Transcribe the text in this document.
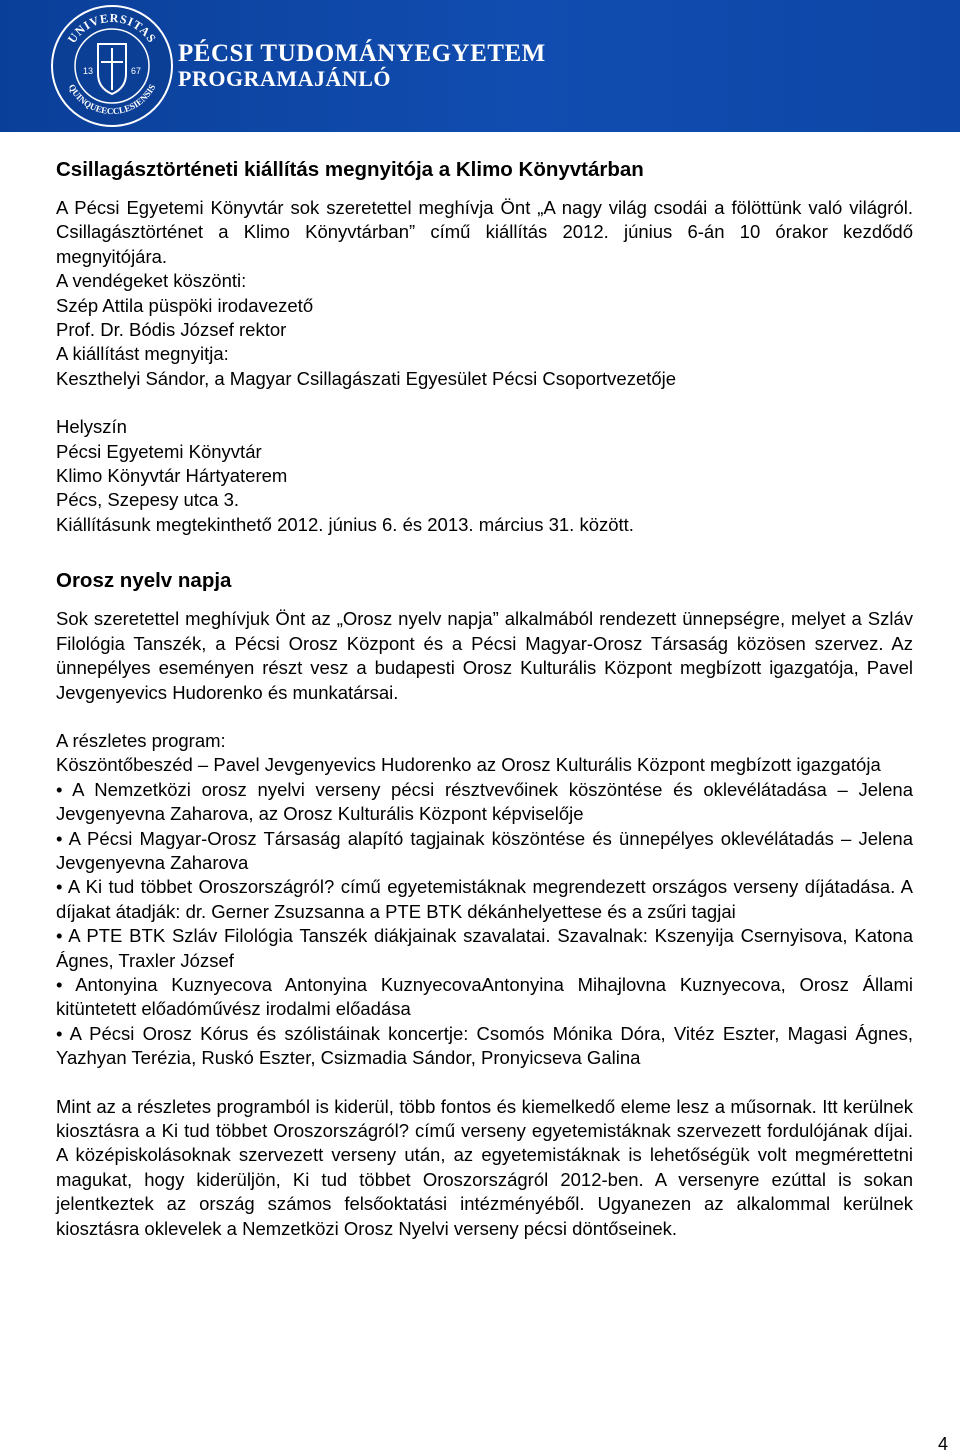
UNIVERSITAS
QUINQUEECCLESIENSIS
13	67
PÉCSI TUDOMÁNYEGYETEM
PROGRAMAJÁNLÓ
Csillagásztörténeti kiállítás megnyitója a Klimo Könyvtárban

A Pécsi Egyetemi Könyvtár sok szeretettel meghívja Önt „A nagy világ csodái a fölöttünk való világról. Csillagásztörténet a Klimo Könyvtárban” című kiállítás 2012. június 6-án 10 órakor kezdődő megnyitójára.

A vendégeket köszönti:

Szép Attila püspöki irodavezető

Prof. Dr. Bódis József rektor

A kiállítást megnyitja:

Keszthelyi Sándor, a Magyar Csillagászati Egyesület Pécsi Csoportvezetője

Helyszín

Pécsi Egyetemi Könyvtár

Klimo Könyvtár Hártyaterem

Pécs, Szepesy utca 3.

Kiállításunk megtekinthető 2012. június 6. és 2013. március 31. között.

Orosz nyelv napja

Sok szeretettel meghívjuk Önt az „Orosz nyelv napja” alkalmából rendezett ünnepségre, melyet a Szláv Filológia Tanszék, a Pécsi Orosz Központ és a Pécsi Magyar-Orosz Társaság közösen szervez. Az ünnepélyes eseményen részt vesz a budapesti Orosz Kulturális Központ megbízott igazgatója, Pavel Jevgenyevics Hudorenko és munkatársai.

A részletes program:

Köszöntőbeszéd – Pavel Jevgenyevics Hudorenko az Orosz Kulturális Központ megbízott igazgatója

• A Nemzetközi orosz nyelvi verseny pécsi résztvevőinek köszöntése és oklevélátadása – Jelena Jevgenyevna Zaharova, az Orosz Kulturális Központ képviselője

• A Pécsi Magyar-Orosz Társaság alapító tagjainak köszöntése és ünnepélyes oklevélátadás – Jelena Jevgenyevna Zaharova

• A Ki tud többet Oroszországról? című egyetemistáknak megrendezett országos verseny díjátadása. A díjakat átadják: dr. Gerner Zsuzsanna a PTE BTK dékánhelyettese és a zsűri tagjai

• A PTE BTK Szláv Filológia Tanszék diákjainak szavalatai. Szavalnak: Kszenyija Csernyisova, Katona Ágnes, Traxler József

• Antonyina Kuznyecova Antonyina KuznyecovaAntonyina Mihajlovna Kuznyecova, Orosz Állami kitüntetett előadóművész irodalmi előadása

• A Pécsi Orosz Kórus és szólistáinak koncertje: Csomós Mónika Dóra, Vitéz Eszter, Magasi Ágnes, Yazhyan Terézia, Ruskó Eszter, Csizmadia Sándor, Pronyicseva Galina

Mint az a részletes programból is kiderül, több fontos és kiemelkedő eleme lesz a műsornak. Itt kerülnek kiosztásra a Ki tud többet Oroszországról? című verseny egyetemistáknak szervezett fordulójának díjai. A középiskolásoknak szervezett verseny után, az egyetemistáknak is lehetőségük volt megmérettetni magukat, hogy kiderüljön, Ki tud többet Oroszországról 2012-ben. A versenyre ezúttal is sokan jelentkeztek az ország számos felsőoktatási intézményéből. Ugyanezen az alkalommal kerülnek kiosztásra oklevelek a Nemzetközi Orosz Nyelvi verseny pécsi döntőseinek.

4
